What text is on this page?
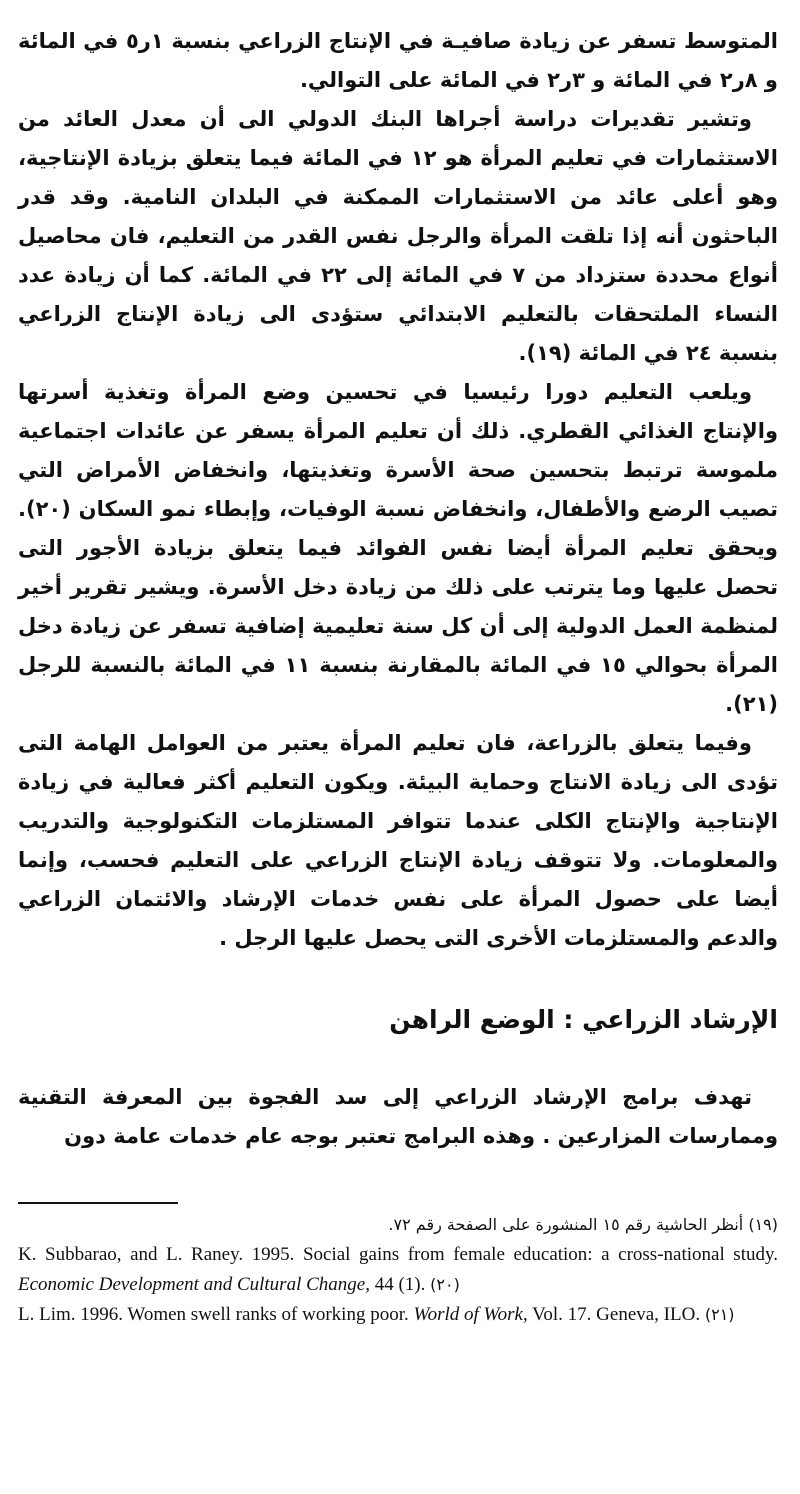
المتوسط تسفر عن زيادة صافيـة في الإنتاج الزراعي بنسبة ١ر٥ في المائة و ٨ر٢ في المائة و ٣ر٢ في المائة على التوالي.

وتشير تقديرات دراسة أجراها البنك الدولي الى أن معدل العائد من الاستثمارات في تعليم المرأة هو ١٢ في المائة فيما يتعلق بزيادة الإنتاجية، وهو أعلى عائد من الاستثمارات الممكنة في البلدان النامية. وقد قدر الباحثون أنه إذا تلقت المرأة والرجل نفس القدر من التعليم، فان محاصيل أنواع محددة ستزداد من ٧ في المائة إلى ٢٢ في المائة. كما أن زيادة عدد النساء الملتحقات بالتعليم الابتدائي ستؤدى الى زيادة الإنتاج الزراعي بنسبة ٢٤ في المائة (١٩).

ويلعب التعليم دورا رئيسيا في تحسين وضع المرأة وتغذية أسرتها والإنتاج الغذائي القطري. ذلك أن تعليم المرأة يسفر عن عائدات اجتماعية ملموسة ترتبط بتحسين صحة الأسرة وتغذيتها، وانخفاض الأمراض التي تصيب الرضع والأطفال، وانخفاض نسبة الوفيات، وإبطاء نمو السكان (٢٠). ويحقق تعليم المرأة أيضا نفس الفوائد فيما يتعلق بزيادة الأجور التى تحصل عليها وما يترتب على ذلك من زيادة دخل الأسرة. ويشير تقرير أخير لمنظمة العمل الدولية إلى أن كل سنة تعليمية إضافية تسفر عن زيادة دخل المرأة بحوالي ١٥ في المائة بالمقارنة بنسبة ١١ في المائة بالنسبة للرجل (٢١).

وفيما يتعلق بالزراعة، فان تعليم المرأة يعتبر من العوامل الهامة التى تؤدى الى زيادة الانتاج وحماية البيئة. ويكون التعليم أكثر فعالية في زيادة الإنتاجية والإنتاج الكلى عندما تتوافر المستلزمات التكنولوجية والتدريب والمعلومات. ولا تتوقف زيادة الإنتاج الزراعي على التعليم فحسب، وإنما أيضا على حصول المرأة على نفس خدمات الإرشاد والائتمان الزراعي والدعم والمستلزمات الأخرى التى يحصل عليها الرجل .

الإرشاد الزراعي : الوضع الراهن

تهدف برامج الإرشاد الزراعي إلى سد الفجوة بين المعرفة التقنية وممارسات المزارعين . وهذه البرامج تعتبر بوجه عام خدمات عامة دون

(١٩) أنظر الحاشية رقم ١٥ المنشورة على الصفحة رقم ٧٢.

K. Subbarao, and L. Raney. 1995. Social gains from female education: a cross-national study. Economic Development and Cultural Change, 44 (1). (٢٠)

L. Lim. 1996. Women swell ranks of working poor. World of Work, Vol. 17. Geneva, ILO. (٢١)
